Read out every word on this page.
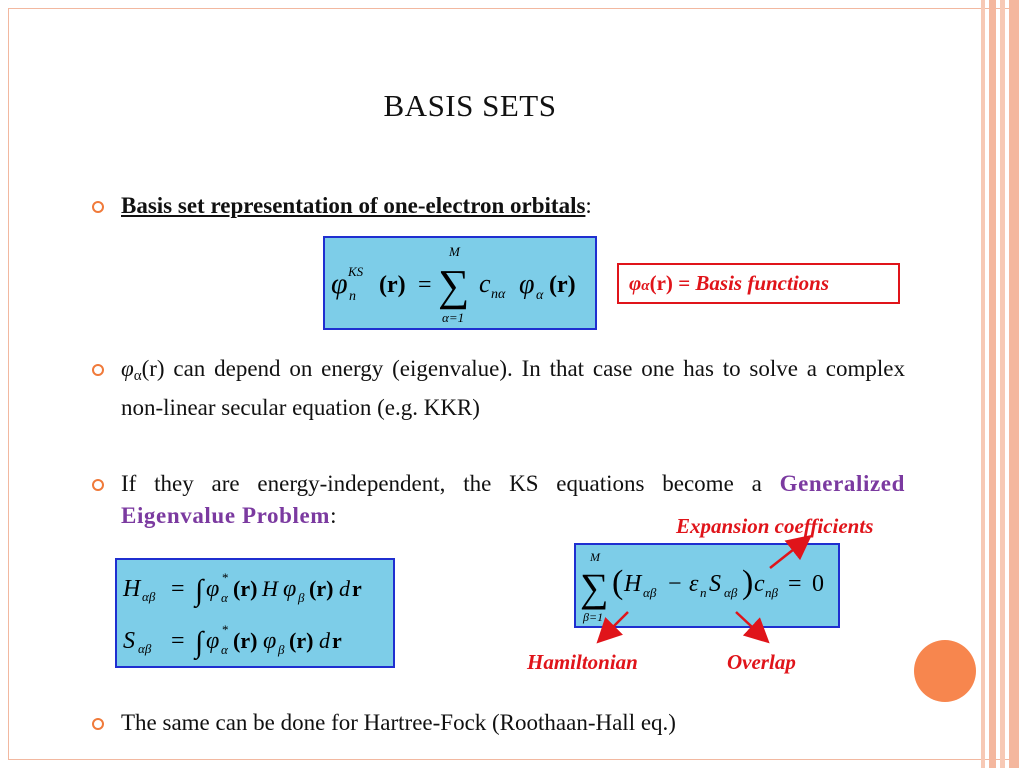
BASIS SETS
Basis set representation of one-electron orbitals:
φ KS
n (r) =
M
∑
α=1
c nα φ α (r)	φα(r) = Basis functions
$\varphi_\alpha(r)$ can depend on energy (eigenvalue). In that case one has to solve a complex non-linear secular equation (e.g. KKR)
If they are energy-independent, the KS equations become a Generalized Eigenvalue Problem:	Expansion coefficients
H αβ = ∫ φ *
α (r) H φ β (r) d r
S αβ = ∫ φ *
α (r) φ β (r) d r
M
∑
β=1
( H αβ − ε n S αβ ) c nβ = 0
Hamiltonian	Overlap
The same can be done for Hartree-Fock (Roothaan-Hall eq.)
